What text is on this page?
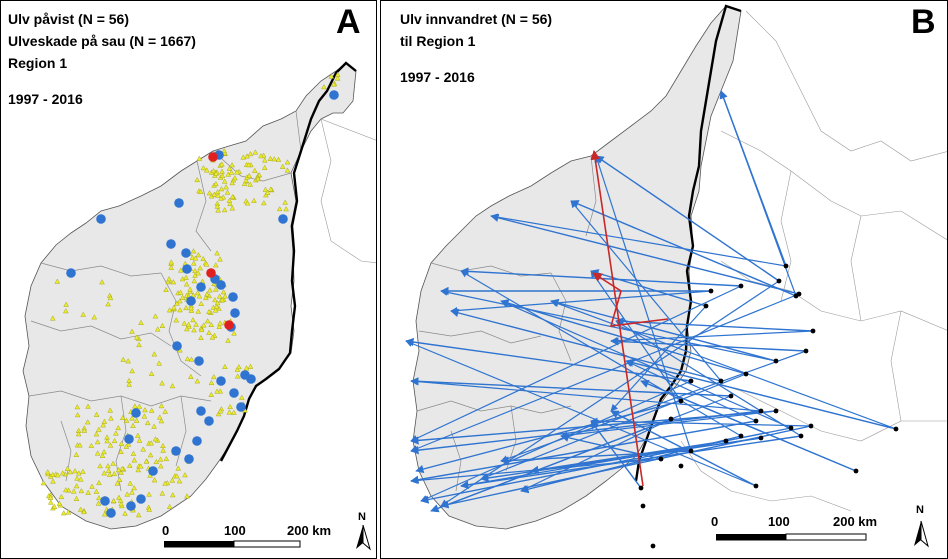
Ulv påvist (N = 56)
Ulveskade på sau (N = 1667)
Region 1
1997 - 2016
A
0	100	200 km
N
Ulv innvandret (N = 56)
til Region 1
1997 - 2016
B
0	100	200 km
N
